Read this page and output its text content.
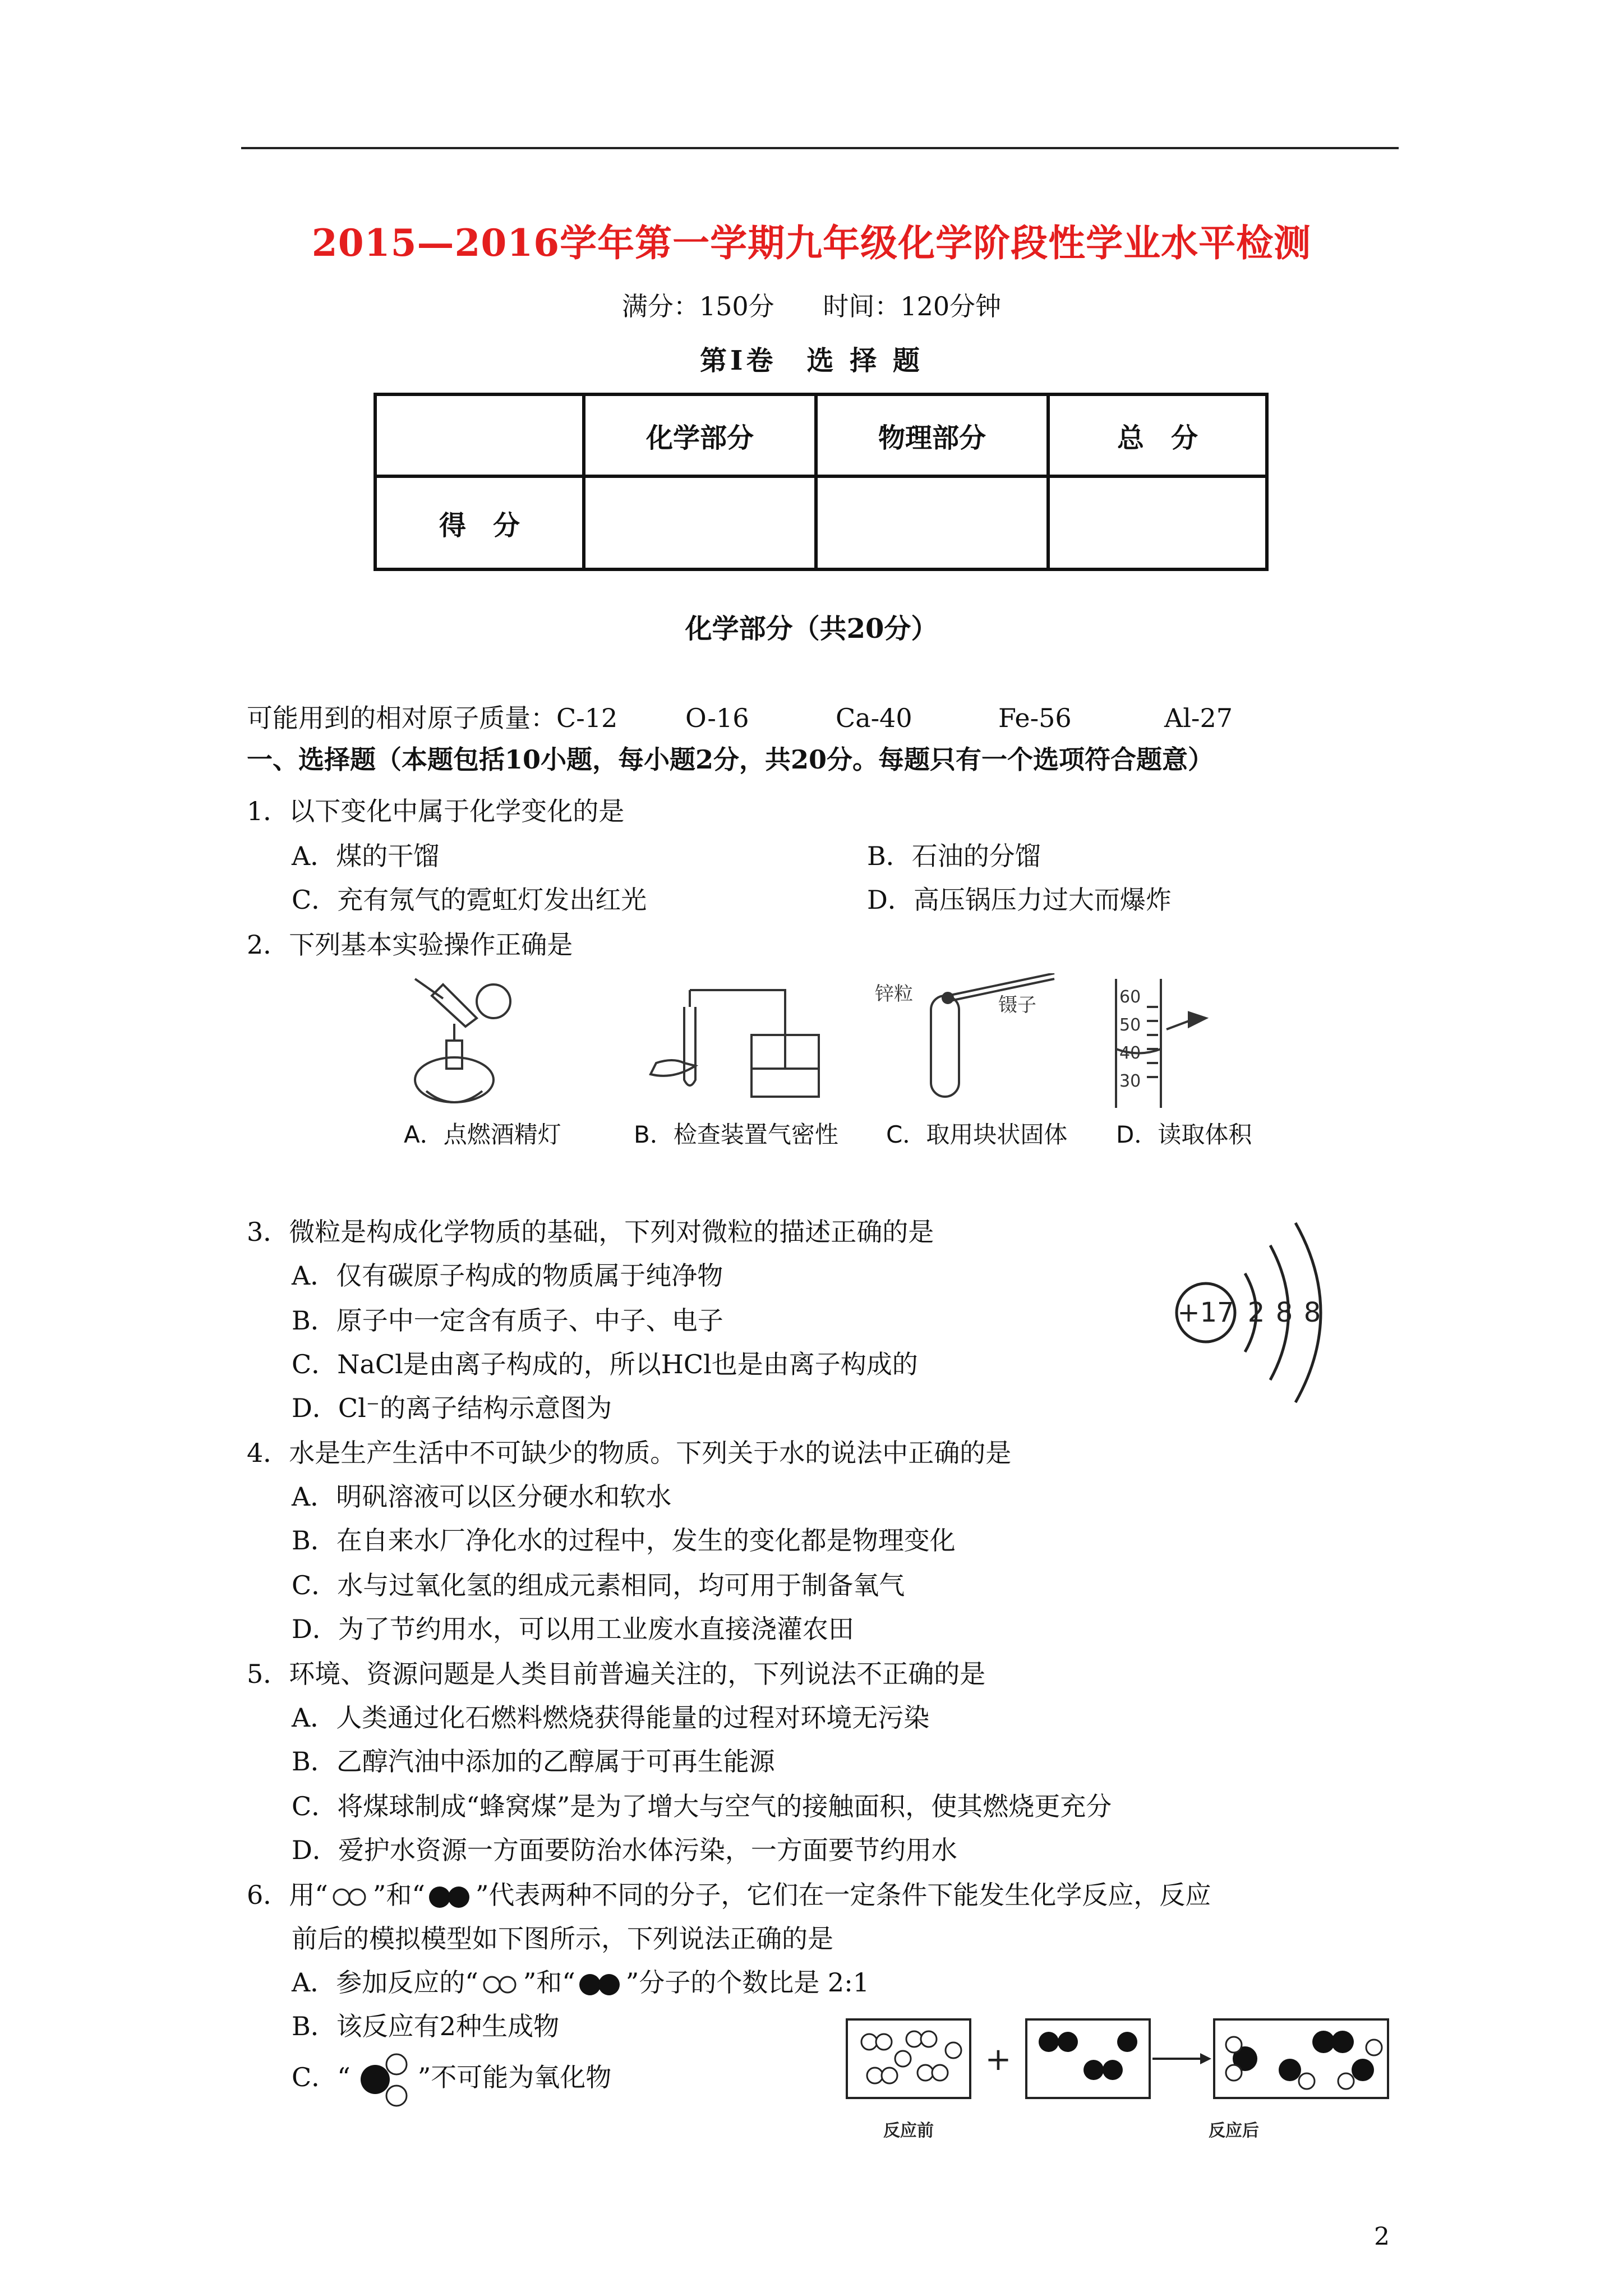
2015—2016学年第一学期九年级化学阶段性学业水平检测
满分：150分 时间：120分钟
第Ⅰ卷　选 择 题
	化学部分	物理部分	总　分
得　分			
化学部分（共20分）
可能用到的相对原子质量：C-12	O-16	Ca-40	Fe-56	Al-27
一、选择题（本题包括10小题，每小题2分，共20分。每题只有一个选项符合题意）
1．以下变化中属于化学变化的是
A．煤的干馏	B．石油的分馏
C．充有氖气的霓虹灯发出红光	D．高压锅压力过大而爆炸
2．下列基本实验操作正确是
锌粒	镊子	60
50
40
30
A．点燃酒精灯	B．检查装置气密性 C．取用块状固体 D．读取体积
3．微粒是构成化学物质的基础，下列对微粒的描述正确的是
A．仅有碳原子构成的物质属于纯净物
B．原子中一定含有质子、中子、电子
C．NaCl是由离子构成的，所以HCl也是由离子构成的
D．Cl⁻的离子结构示意图为
+17 2 8 8
4．水是生产生活中不可缺少的物质。下列关于水的说法中正确的是
A．明矾溶液可以区分硬水和软水
B．在自来水厂净化水的过程中，发生的变化都是物理变化
C．水与过氧化氢的组成元素相同，均可用于制备氧气
D．为了节约用水，可以用工业废水直接浇灌农田
5．环境、资源问题是人类目前普遍关注的，下列说法不正确的是
A．人类通过化石燃料燃烧获得能量的过程对环境无污染
B．乙醇汽油中添加的乙醇属于可再生能源
C．将煤球制成“蜂窝煤”是为了增大与空气的接触面积，使其燃烧更充分
D．爱护水资源一方面要防治水体污染，一方面要节约用水
6．用“ ”和“ ”代表两种不同的分子，它们在一定条件下能发生化学反应，反应
前后的模拟模型如下图所示，下列说法正确的是
A．参加反应的“ ”和“ ”分子的个数比是 2:1
B．该反应有2种生成物
C．“	”不可能为氧化物	+
反应前	反应后
2
